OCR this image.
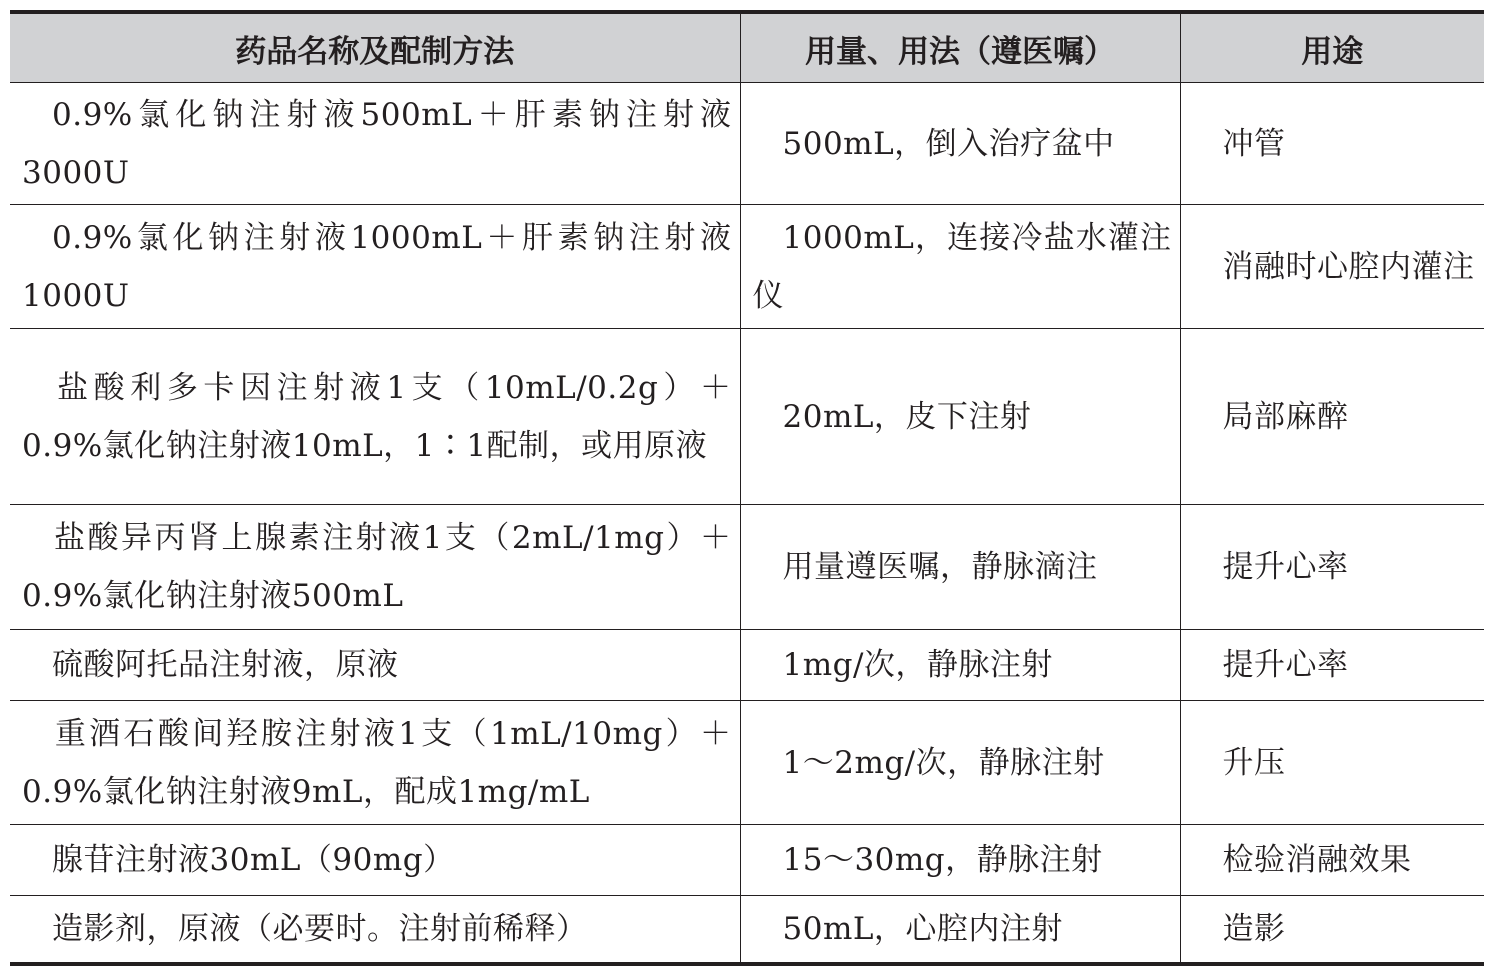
药品名称及配制方法	用量、用法（遵医嘱）	用途
0.9%氯化钠注射液500mL＋肝素钠注射液3000U	500mL，倒入治疗盆中	冲管
0.9%氯化钠注射液1000mL＋肝素钠注射液1000U	1000mL，连接冷盐水灌注仪	消融时心腔内灌注
盐酸利多卡因注射液1支（10mL/0.2g）＋0.9%氯化钠注射液10mL，1∶1配制，或用原液	20mL，皮下注射	局部麻醉
盐酸异丙肾上腺素注射液1支（2mL/1mg）＋0.9%氯化钠注射液500mL	用量遵医嘱，静脉滴注	提升心率
硫酸阿托品注射液，原液	1mg/次，静脉注射	提升心率
重酒石酸间羟胺注射液1支（1mL/10mg）＋0.9%氯化钠注射液9mL，配成1mg/mL	1～2mg/次，静脉注射	升压
腺苷注射液30mL（90mg）	15～30mg，静脉注射	检验消融效果
造影剂，原液（必要时。注射前稀释）	50mL，心腔内注射	造影
